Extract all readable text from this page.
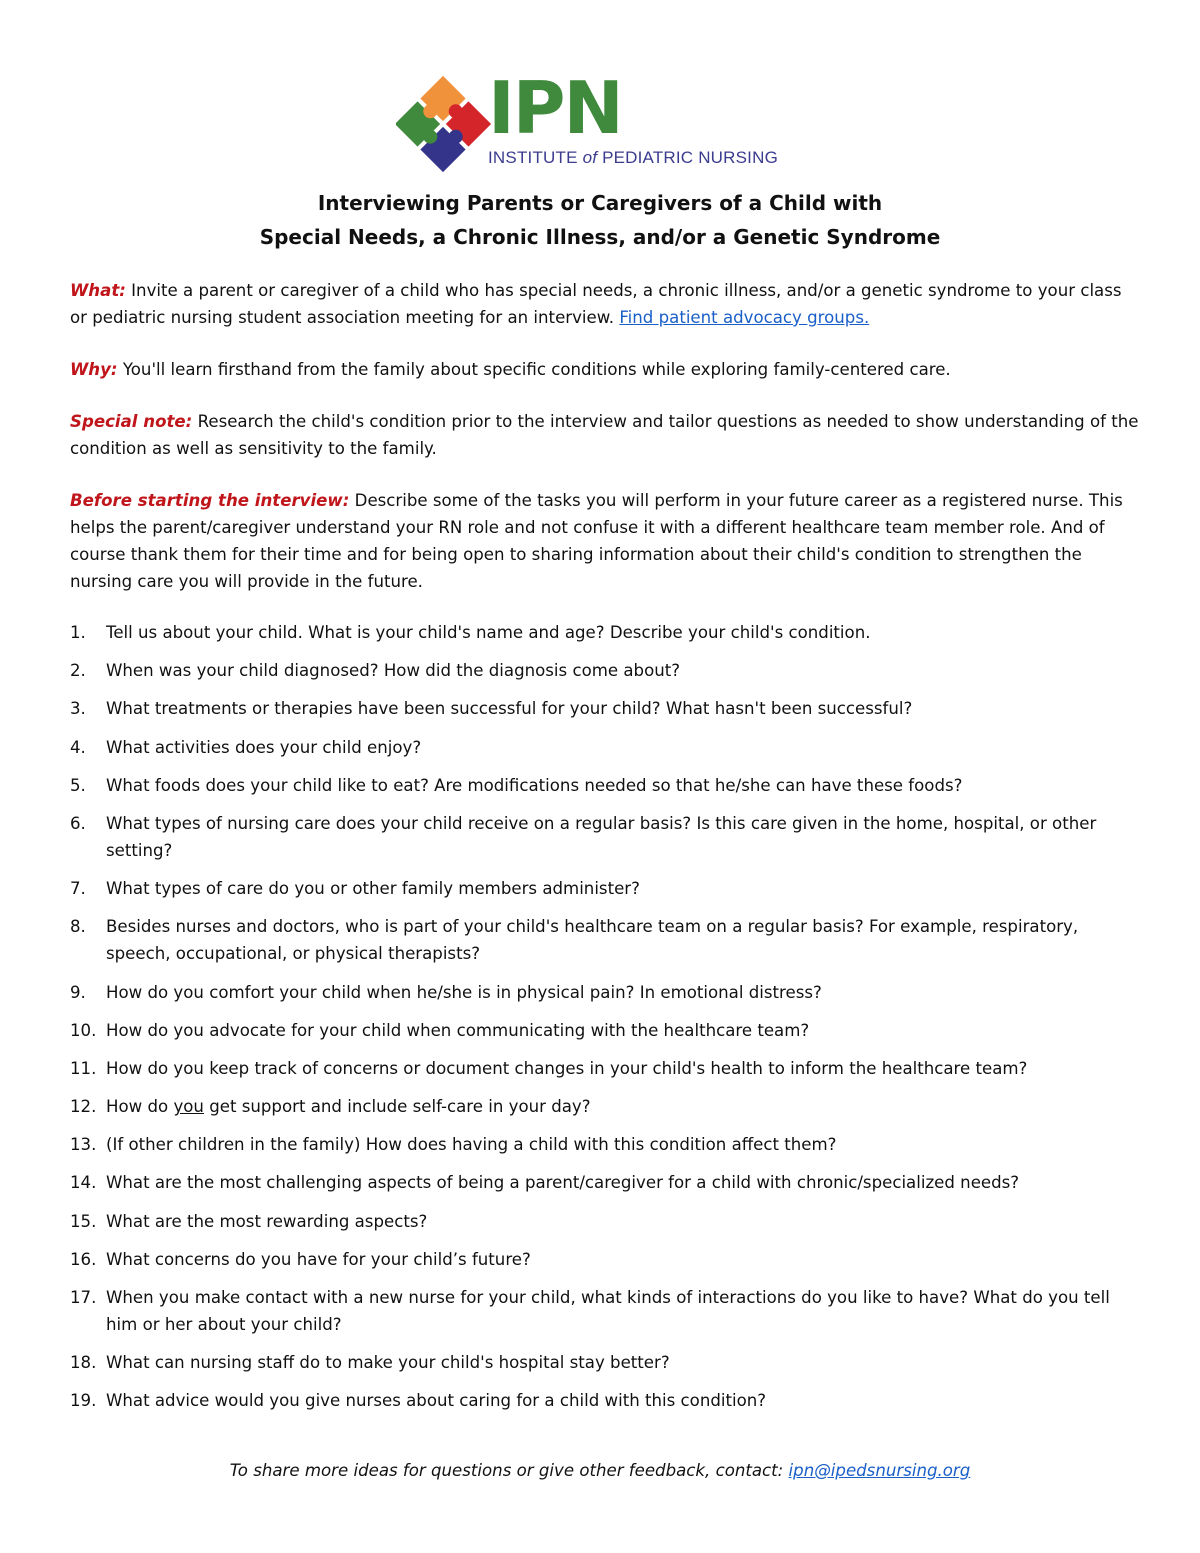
IPN
INSTITUTE of PEDIATRIC NURSING
Interviewing Parents or Caregivers of a Child with
Special Needs, a Chronic Illness, and/or a Genetic Syndrome

What: Invite a parent or caregiver of a child who has special needs, a chronic illness, and/or a genetic syndrome to your class or pediatric nursing student association meeting for an interview. Find patient advocacy groups.

Why: You'll learn firsthand from the family about specific conditions while exploring family-centered care.

Special note: Research the child's condition prior to the interview and tailor questions as needed to show understanding of the condition as well as sensitivity to the family.

Before starting the interview: Describe some of the tasks you will perform in your future career as a registered nurse. This helps the parent/caregiver understand your RN role and not confuse it with a different healthcare team member role. And of course thank them for their time and for being open to sharing information about their child's condition to strengthen the nursing care you will provide in the future.

1. Tell us about your child. What is your child's name and age? Describe your child's condition.
2. When was your child diagnosed? How did the diagnosis come about?
3. What treatments or therapies have been successful for your child? What hasn't been successful?
4. What activities does your child enjoy?
5. What foods does your child like to eat? Are modifications needed so that he/she can have these foods?
6. What types of nursing care does your child receive on a regular basis? Is this care given in the home, hospital, or other setting?
7. What types of care do you or other family members administer?
8. Besides nurses and doctors, who is part of your child's healthcare team on a regular basis? For example, respiratory, speech, occupational, or physical therapists?
9. How do you comfort your child when he/she is in physical pain? In emotional distress?
10. How do you advocate for your child when communicating with the healthcare team?
11. How do you keep track of concerns or document changes in your child's health to inform the healthcare team?
12. How do you get support and include self-care in your day?
13. (If other children in the family) How does having a child with this condition affect them?
14. What are the most challenging aspects of being a parent/caregiver for a child with chronic/specialized needs?
15. What are the most rewarding aspects?
16. What concerns do you have for your child’s future?
17. When you make contact with a new nurse for your child, what kinds of interactions do you like to have? What do you tell him or her about your child?
18. What can nursing staff do to make your child's hospital stay better?
19. What advice would you give nurses about caring for a child with this condition?
To share more ideas for questions or give other feedback, contact: ipn@ipedsnursing.org
